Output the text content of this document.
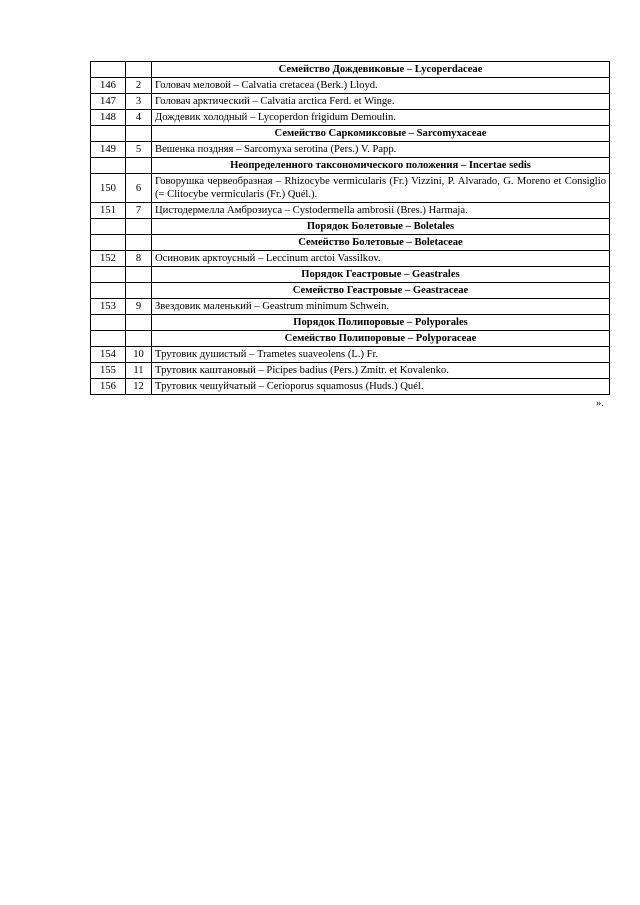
		Семейство Дождевиковые – Lycoperdaceae
146	2	Головач меловой – Calvatia cretacea (Berk.) Lloyd.
147	3	Головач арктический – Calvatia arctica Ferd. et Winge.
148	4	Дождевик холодный – Lycoperdon frigidum Demoulin.
		Семейство Саркомиксовые – Sarcomyxaceae
149	5	Вешенка поздняя – Sarcomyxa serotina (Pers.) V. Papp.
		Неопределенного таксономического положения – Incertae sedis
150	6	Говорушка червеобразная – Rhizocybe vermicularis (Fr.) Vizzini, P. Alvarado, G. Moreno et Consiglio (= Clitocybe vermicularis (Fr.) Quél.).
151	7	Цистодермелла Амброзиуса – Cystodermella ambrosii (Bres.) Harmaja.
		Порядок Болетовые – Boletales
		Семейство Болетовые – Boletaceae
152	8	Осиновик арктоусный – Leccinum arctoi Vassilkov.
		Порядок Геастровые – Geastrales
		Семейство Геастровые – Geastraceae
153	9	Звездовик маленький – Geastrum minimum Schwein.
		Порядок Полипоровые – Polyporales
		Семейство Полипоровые – Polyporaceae
154	10	Трутовик душистый – Trametes suaveolens (L.) Fr.
155	11	Трутовик каштановый – Picipes badius (Pers.) Zmitr. et Kovalenko.
156	12	Трутовик чешуйчатый – Cerioporus squamosus (Huds.) Quél.
».
